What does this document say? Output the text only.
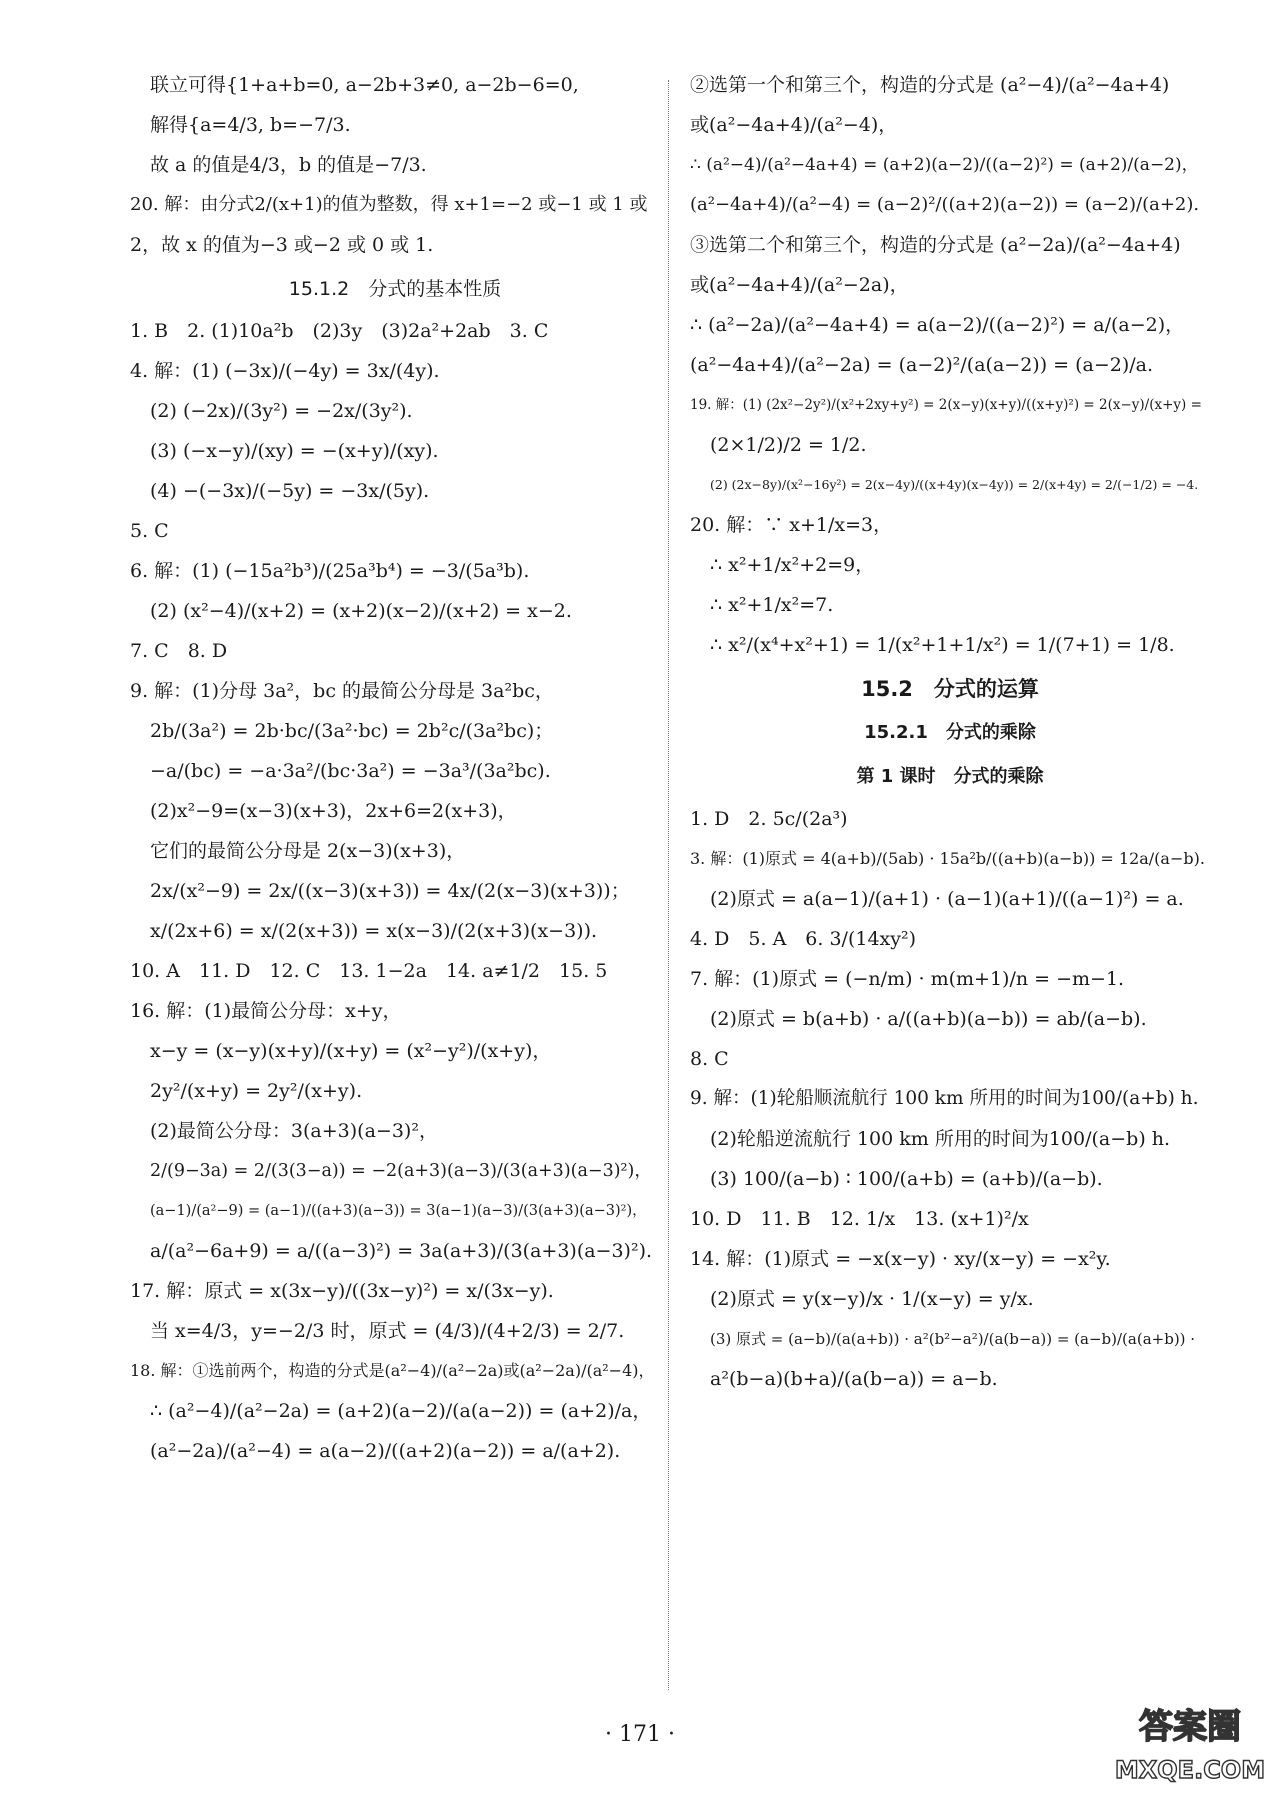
联立可得{1+a+b=0, a−2b+3≠0, a−2b−6=0,
解得{a=4/3, b=−7/3.
故 a 的值是4/3，b 的值是−7/3.
20. 解：由分式2/(x+1)的值为整数，得 x+1=−2 或−1 或 1 或
2，故 x 的值为−3 或−2 或 0 或 1.
15.1.2　分式的基本性质
1. B　2. (1)10a²b　(2)3y　(3)2a²+2ab　3. C
4. 解：(1) (−3x)/(−4y) = 3x/(4y).
(2) (−2x)/(3y²) = −2x/(3y²).
(3) (−x−y)/(xy) = −(x+y)/(xy).
(4) −(−3x)/(−5y) = −3x/(5y).
5. C
6. 解：(1) (−15a²b³)/(25a³b⁴) = −3/(5a³b).
(2) (x²−4)/(x+2) = (x+2)(x−2)/(x+2) = x−2.
7. C　8. D
9. 解：(1)分母 3a²，bc 的最简公分母是 3a²bc，
2b/(3a²) = 2b·bc/(3a²·bc) = 2b²c/(3a²bc)；
−a/(bc) = −a·3a²/(bc·3a²) = −3a³/(3a²bc).
(2)x²−9=(x−3)(x+3)，2x+6=2(x+3)，
它们的最简公分母是 2(x−3)(x+3)，
2x/(x²−9) = 2x/((x−3)(x+3)) = 4x/(2(x−3)(x+3))；
x/(2x+6) = x/(2(x+3)) = x(x−3)/(2(x+3)(x−3)).
10. A　11. D　12. C　13. 1−2a　14. a≠1/2　15. 5
16. 解：(1)最简公分母：x+y，
x−y = (x−y)(x+y)/(x+y) = (x²−y²)/(x+y)，
2y²/(x+y) = 2y²/(x+y).
(2)最简公分母：3(a+3)(a−3)²，
2/(9−3a) = 2/(3(3−a)) = −2(a+3)(a−3)/(3(a+3)(a−3)²)，
(a−1)/(a²−9) = (a−1)/((a+3)(a−3)) = 3(a−1)(a−3)/(3(a+3)(a−3)²)，
a/(a²−6a+9) = a/((a−3)²) = 3a(a+3)/(3(a+3)(a−3)²).
17. 解：原式 = x(3x−y)/((3x−y)²) = x/(3x−y).
当 x=4/3，y=−2/3 时，原式 = (4/3)/(4+2/3) = 2/7.
18. 解：①选前两个，构造的分式是(a²−4)/(a²−2a)或(a²−2a)/(a²−4)，
∴ (a²−4)/(a²−2a) = (a+2)(a−2)/(a(a−2)) = (a+2)/a，
(a²−2a)/(a²−4) = a(a−2)/((a+2)(a−2)) = a/(a+2).
②选第一个和第三个，构造的分式是 (a²−4)/(a²−4a+4)
或(a²−4a+4)/(a²−4)，
∴ (a²−4)/(a²−4a+4) = (a+2)(a−2)/((a−2)²) = (a+2)/(a−2)，
(a²−4a+4)/(a²−4) = (a−2)²/((a+2)(a−2)) = (a−2)/(a+2).
③选第二个和第三个，构造的分式是 (a²−2a)/(a²−4a+4)
或(a²−4a+4)/(a²−2a)，
∴ (a²−2a)/(a²−4a+4) = a(a−2)/((a−2)²) = a/(a−2)，
(a²−4a+4)/(a²−2a) = (a−2)²/(a(a−2)) = (a−2)/a.
19. 解：(1) (2x²−2y²)/(x²+2xy+y²) = 2(x−y)(x+y)/((x+y)²) = 2(x−y)/(x+y) =
(2×1/2)/2 = 1/2.
(2) (2x−8y)/(x²−16y²) = 2(x−4y)/((x+4y)(x−4y)) = 2/(x+4y) = 2/(−1/2) = −4.
20. 解：∵ x+1/x=3，
∴ x²+1/x²+2=9，
∴ x²+1/x²=7.
∴ x²/(x⁴+x²+1) = 1/(x²+1+1/x²) = 1/(7+1) = 1/8.
15.2　分式的运算
15.2.1　分式的乘除
第 1 课时　分式的乘除
1. D　2. 5c/(2a³)
3. 解：(1)原式 = 4(a+b)/(5ab) · 15a²b/((a+b)(a−b)) = 12a/(a−b).
(2)原式 = a(a−1)/(a+1) · (a−1)(a+1)/((a−1)²) = a.
4. D　5. A　6. 3/(14xy²)
7. 解：(1)原式 = (−n/m) · m(m+1)/n = −m−1.
(2)原式 = b(a+b) · a/((a+b)(a−b)) = ab/(a−b).
8. C
9. 解：(1)轮船顺流航行 100 km 所用的时间为100/(a+b) h.
(2)轮船逆流航行 100 km 所用的时间为100/(a−b) h.
(3) 100/(a−b) ∶ 100/(a+b) = (a+b)/(a−b).
10. D　11. B　12. 1/x　13. (x+1)²/x
14. 解：(1)原式 = −x(x−y) · xy/(x−y) = −x²y.
(2)原式 = y(x−y)/x · 1/(x−y) = y/x.
(3) 原式 = (a−b)/(a(a+b)) · a²(b²−a²)/(a(b−a)) = (a−b)/(a(a+b)) ·
a²(b−a)(b+a)/(a(b−a)) = a−b.
· 171 ·	答案圈
MXQE.COM
